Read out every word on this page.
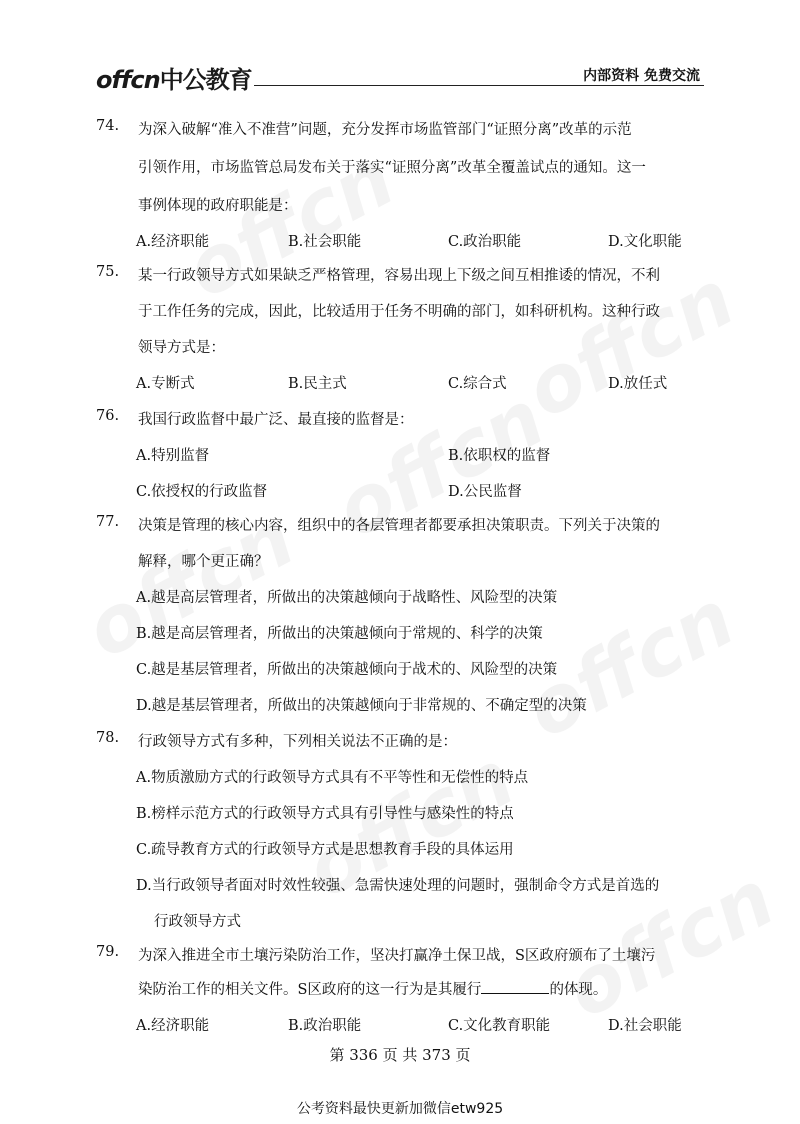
offcn中公教育	内部资料 免费交流
74.	为深入破解“准入不准营”问题，充分发挥市场监管部门“证照分离”改革的示范
引领作用，市场监管总局发布关于落实“证照分离”改革全覆盖试点的通知。这一
事例体现的政府职能是：
A.经济职能	B.社会职能	C.政治职能	D.文化职能
75.	某一行政领导方式如果缺乏严格管理，容易出现上下级之间互相推诿的情况，不利
于工作任务的完成，因此，比较适用于任务不明确的部门，如科研机构。这种行政
领导方式是：
A.专断式	B.民主式	C.综合式	D.放任式
76.	我国行政监督中最广泛、最直接的监督是：
A.特别监督	B.依职权的监督
C.依授权的行政监督	D.公民监督
77.	决策是管理的核心内容，组织中的各层管理者都要承担决策职责。下列关于决策的
解释，哪个更正确？
A.越是高层管理者，所做出的决策越倾向于战略性、风险型的决策
B.越是高层管理者，所做出的决策越倾向于常规的、科学的决策
C.越是基层管理者，所做出的决策越倾向于战术的、风险型的决策
D.越是基层管理者，所做出的决策越倾向于非常规的、不确定型的决策
78.	行政领导方式有多种，下列相关说法不正确的是：
A.物质激励方式的行政领导方式具有不平等性和无偿性的特点
B.榜样示范方式的行政领导方式具有引导性与感染性的特点
C.疏导教育方式的行政领导方式是思想教育手段的具体运用
D.当行政领导者面对时效性较强、急需快速处理的问题时，强制命令方式是首选的
行政领导方式
79.	为深入推进全市土壤污染防治工作，坚决打赢净土保卫战，S区政府颁布了土壤污
染防治工作的相关文件。S区政府的这一行为是其履行	的体现。
A.经济职能	B.政治职能	C.文化教育职能	D.社会职能
第 336 页 共 373 页
公考资料最快更新加微信etw925
